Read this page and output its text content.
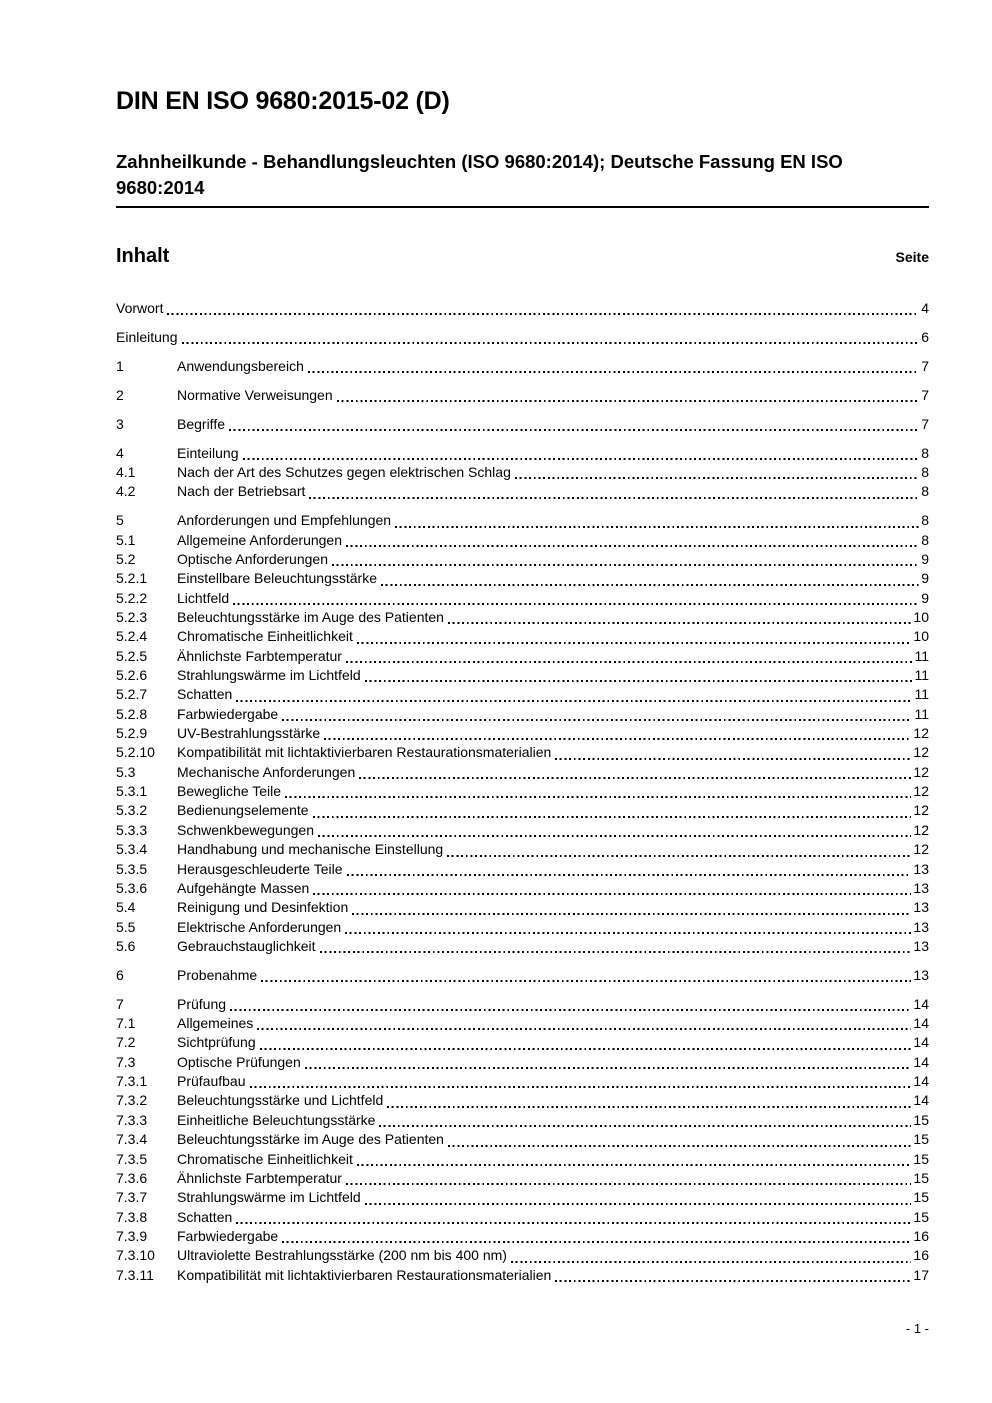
DIN EN ISO 9680:2015-02 (D)
Zahnheilkunde - Behandlungsleuchten (ISO 9680:2014); Deutsche Fassung EN ISO 9680:2014
Inhalt	Seite
Vorwort	4
Einleitung	6
1	Anwendungsbereich	7
2	Normative Verweisungen	7
3	Begriffe	7
4	Einteilung	8
4.1	Nach der Art des Schutzes gegen elektrischen Schlag	8
4.2	Nach der Betriebsart	8
5	Anforderungen und Empfehlungen	8
5.1	Allgemeine Anforderungen	8
5.2	Optische Anforderungen	9
5.2.1	Einstellbare Beleuchtungsstärke	9
5.2.2	Lichtfeld	9
5.2.3	Beleuchtungsstärke im Auge des Patienten	10
5.2.4	Chromatische Einheitlichkeit	10
5.2.5	Ähnlichste Farbtemperatur	11
5.2.6	Strahlungswärme im Lichtfeld	11
5.2.7	Schatten	11
5.2.8	Farbwiedergabe	11
5.2.9	UV-Bestrahlungsstärke	12
5.2.10	Kompatibilität mit lichtaktivierbaren Restaurationsmaterialien	12
5.3	Mechanische Anforderungen	12
5.3.1	Bewegliche Teile	12
5.3.2	Bedienungselemente	12
5.3.3	Schwenkbewegungen	12
5.3.4	Handhabung und mechanische Einstellung	12
5.3.5	Herausgeschleuderte Teile	13
5.3.6	Aufgehängte Massen	13
5.4	Reinigung und Desinfektion	13
5.5	Elektrische Anforderungen	13
5.6	Gebrauchstauglichkeit	13
6	Probenahme	13
7	Prüfung	14
7.1	Allgemeines	14
7.2	Sichtprüfung	14
7.3	Optische Prüfungen	14
7.3.1	Prüfaufbau	14
7.3.2	Beleuchtungsstärke und Lichtfeld	14
7.3.3	Einheitliche Beleuchtungsstärke	15
7.3.4	Beleuchtungsstärke im Auge des Patienten	15
7.3.5	Chromatische Einheitlichkeit	15
7.3.6	Ähnlichste Farbtemperatur	15
7.3.7	Strahlungswärme im Lichtfeld	15
7.3.8	Schatten	15
7.3.9	Farbwiedergabe	16
7.3.10	Ultraviolette Bestrahlungsstärke (200 nm bis 400 nm)	16
7.3.11	Kompatibilität mit lichtaktivierbaren Restaurationsmaterialien	17
- 1 -
